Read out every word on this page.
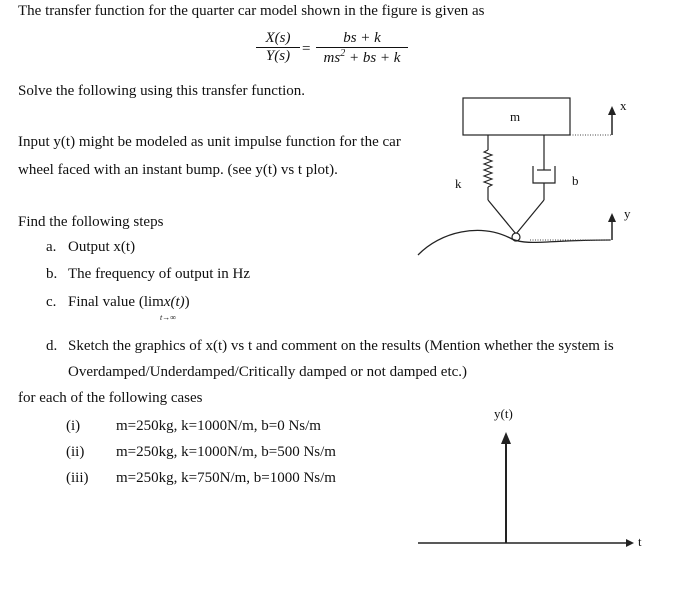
The transfer function for the quarter car model shown in the figure is given as
$\frac{X(s)}{Y(s)} = \frac{bs + k}{ms^2 + bs + k}$
Solve the following using this transfer function.
Input y(t) might be modeled as unit impulse function for the car
wheel faced with an instant bump. (see y(t) vs t plot).
Find the following steps
a. Output x(t)
b. The frequency of output in Hz
c. Final value (limx(t))
t→∞
d. Sketch the graphics of x(t) vs t and comment on the results (Mention whether the system is
Overdamped/Underdamped/Critically damped or not damped etc.)
for each of the following cases
(i) m=250kg, k=1000N/m, b=0 Ns/m
(ii) m=250kg, k=1000N/m, b=500 Ns/m
(iii) m=250kg, k=750N/m, b=1000 Ns/m
m
x
k	b
y
y(t)
t
